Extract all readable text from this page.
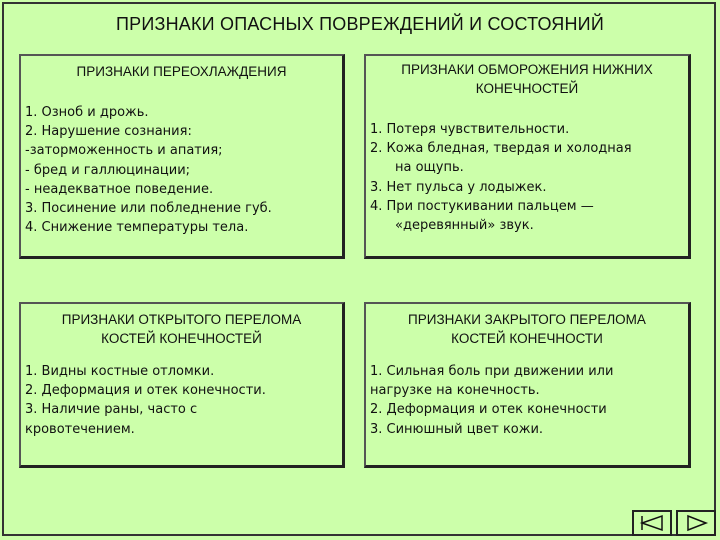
ПРИЗНАКИ ОПАСНЫХ ПОВРЕЖДЕНИЙ И СОСТОЯНИЙ
ПРИЗНАКИ ПЕРЕОХЛАЖДЕНИЯ
1. Озноб и дрожь.
2. Нарушение сознания:
-заторможенность и апатия;
- бред и галлюцинации;
- неадекватное поведение.
3. Посинение или побледнение губ.
4. Снижение температуры тела.
ПРИЗНАКИ ОБМОРОЖЕНИЯ НИЖНИХ
КОНЕЧНОСТЕЙ
1. Потеря чувствительности.
2. Кожа бледная, твердая и холодная
на ощупь.
3. Нет пульса у лодыжек.
4. При постукивании пальцем —
«деревянный» звук.
ПРИЗНАКИ ОТКРЫТОГО ПЕРЕЛОМА
КОСТЕЙ КОНЕЧНОСТЕЙ
1. Видны костные отломки.
2. Деформация и отек конечности.
3. Наличие раны, часто с
кровотечением.
ПРИЗНАКИ ЗАКРЫТОГО ПЕРЕЛОМА
КОСТЕЙ КОНЕЧНОСТИ
1. Сильная боль при движении или
нагрузке на конечность.
2. Деформация и отек конечности
3. Синюшный цвет кожи.
